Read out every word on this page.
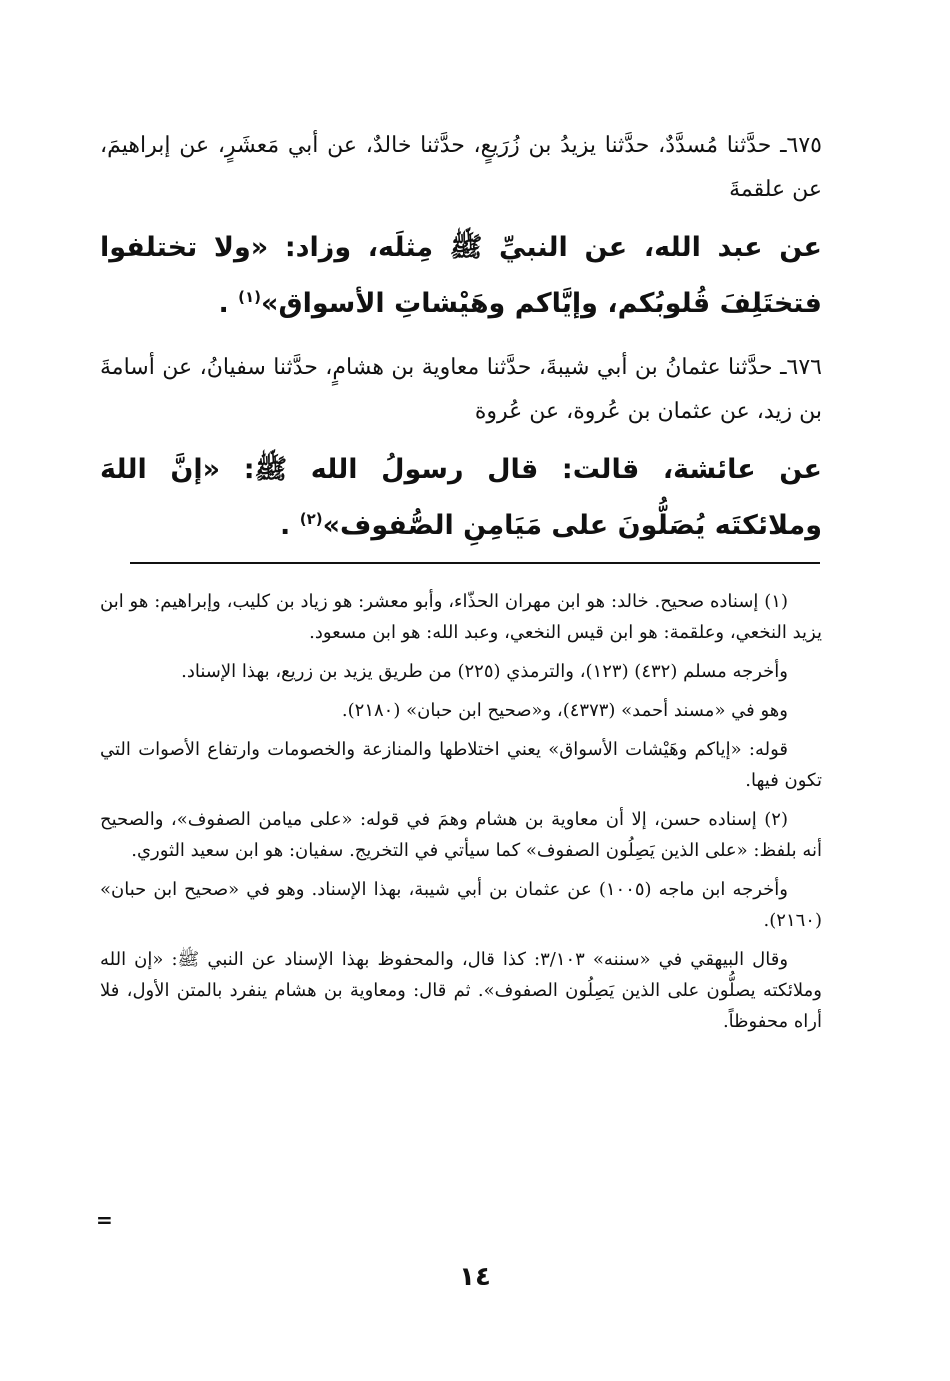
٦٧٥ـ حدَّثنا مُسدَّدٌ، حدَّثنا يزيدُ بن زُرَيعٍ، حدَّثنا خالدٌ، عن أبي مَعشَرٍ، عن إبراهيمَ، عن علقمةَ

عن عبد الله، عن النبيِّ ﷺ مِثلَه، وزاد: «ولا تختلفوا فتختَلِفَ قُلوبُكم، وإيَّاكم وهَيْشاتِ الأسواق»$^{(١)}$ .

٦٧٦ـ حدَّثنا عثمانُ بن أبي شيبةَ، حدَّثنا معاوية بن هشامٍ، حدَّثنا سفيانُ، عن أسامةَ بن زيد، عن عثمان بن عُروة، عن عُروة

عن عائشة، قالت: قال رسولُ الله ﷺ: «إنَّ اللهَ وملائكتَه يُصَلُّونَ على مَيَامِنِ الصُّفوف»$^{(٢)}$ .

(١) إسناده صحيح. خالد: هو ابن مهران الحذّاء، وأبو معشر: هو زياد بن كليب، وإبراهيم: هو ابن يزيد النخعي، وعلقمة: هو ابن قيس النخعي، وعبد الله: هو ابن مسعود.

وأخرجه مسلم (٤٣٢) (١٢٣)، والترمذي (٢٢٥) من طريق يزيد بن زريع، بهذا الإسناد.

وهو في «مسند أحمد» (٤٣٧٣)، و«صحيح ابن حبان» (٢١٨٠).

قوله: «إياكم وهَيْشات الأسواق» يعني اختلاطها والمنازعة والخصومات وارتفاع الأصوات التي تكون فيها.

(٢) إسناده حسن، إلا أن معاوية بن هشام وهمَ في قوله: «على ميامن الصفوف»، والصحيح أنه بلفظ: «على الذين يَصِلُون الصفوف» كما سيأتي في التخريج. سفيان: هو ابن سعيد الثوري.

وأخرجه ابن ماجه (١٠٠٥) عن عثمان بن أبي شيبة، بهذا الإسناد. وهو في «صحيح ابن حبان» (٢١٦٠).

وقال البيهقي في «سننه» ٣/١٠٣: كذا قال، والمحفوظ بهذا الإسناد عن النبي ﷺ: «إن الله وملائكته يصلُّون على الذين يَصِلُون الصفوف». ثم قال: ومعاوية بن هشام ينفرد بالمتن الأول، فلا أراه محفوظاً.

=
١٤
